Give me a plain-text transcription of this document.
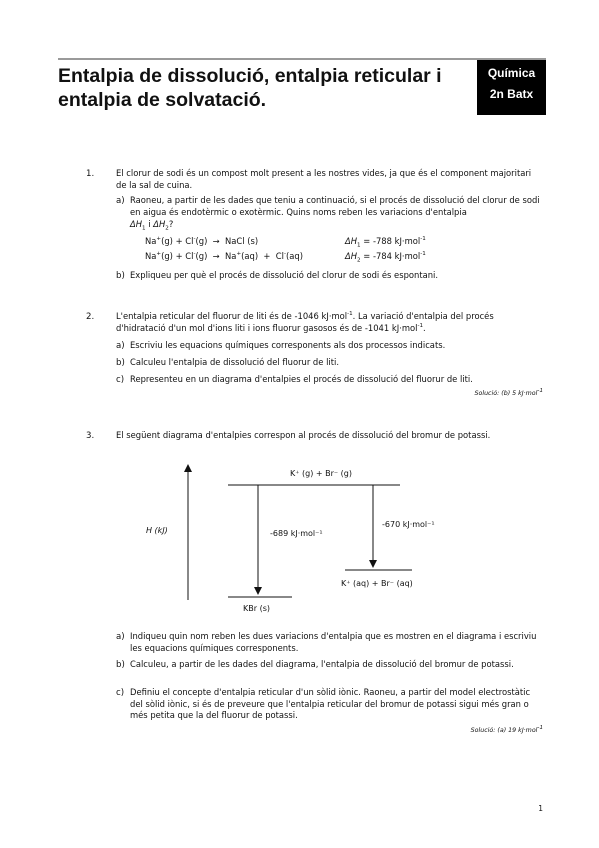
Entalpia de dissolució, entalpia reticular i entalpia de solvatació.
Química
2n Batx
1.	El clorur de sodi és un compost molt present a les nostres vides, ja que és el component majoritari de la sal de cuina.
a) Raoneu, a partir de les dades que teniu a continuació, si el procés de dissolució del clorur de sodi en aigua és endotèrmic o exotèrmic. Quins noms reben les variacions d'entalpia
$\Delta H_1$ i $\Delta H_2$?
Na+(g) + Cl-(g)  →  NaCl (s)	$\Delta H_1 = -788$ kJ·mol$^{-1}$
Na+(g) + Cl-(g)  →  Na+(aq)  +  Cl-(aq)	$\Delta H_2 = -784$ kJ·mol$^{-1}$
b) Expliqueu per què el procés de dissolució del clorur de sodi és espontani.
2.	L'entalpia reticular del fluorur de liti és de -1046 kJ·mol$^{-1}$. La variació d'entalpia del procés d'hidratació d'un mol d'ions liti i ions fluorur gasosos és de -1041 kJ·mol$^{-1}$.
a) Escriviu les equacions químiques corresponents als dos processos indicats.
b) Calculeu l'entalpia de dissolució del fluorur de liti.
c) Representeu en un diagrama d'entalpies el procés de dissolució del fluorur de liti.
Solució: (b) 5 kJ·mol$^{-1}$
3.	El següent diagrama d'entalpies correspon al procés de dissolució del bromur de potassi.
H (kJ)
K⁺ (g) + Br⁻ (g)
-689 kJ·mol⁻¹
-670 kJ·mol⁻¹
K⁺ (aq) + Br⁻ (aq)
KBr (s)
a) Indiqueu quin nom reben les dues variacions d'entalpia que es mostren en el diagrama i escriviu les equacions químiques corresponents.
b) Calculeu, a partir de les dades del diagrama, l'entalpia de dissolució del bromur de potassi.
c) Definiu el concepte d'entalpia reticular d'un sòlid iònic. Raoneu, a partir del model electrostàtic del sòlid iònic, si és de preveure que l'entalpia reticular del bromur de potassi sigui més gran o més petita que la del fluorur de potassi.
Solució: (a) 19 kJ·mol$^{-1}$
1
